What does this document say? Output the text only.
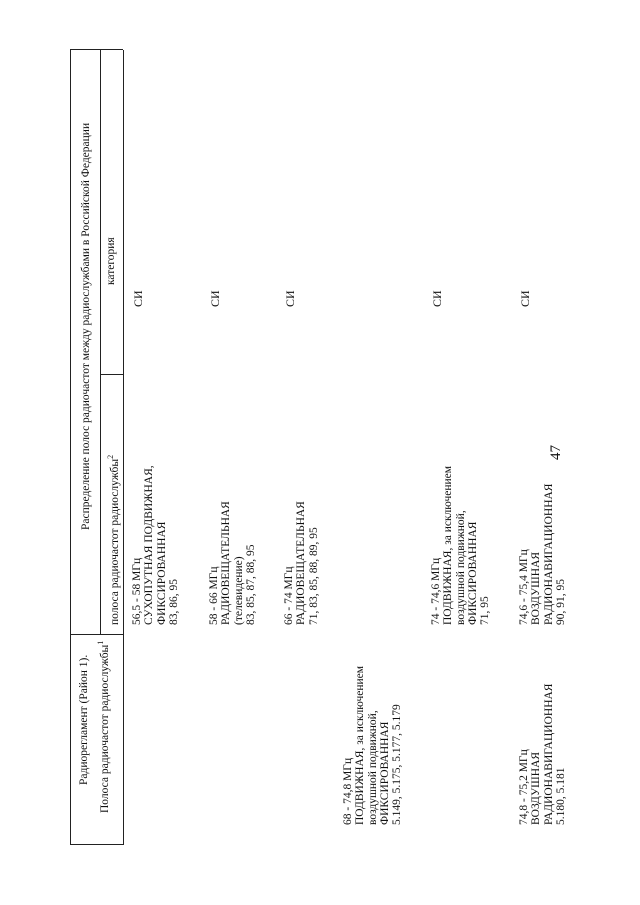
47
Радиорегламент (Район 1). Полоса радиочастот радиослужбы$^1$
Распределение полос радиочастот между радиослужбами в Российской Федерации
полоса радиочастот радиослужбы$^2$
категория
68 - 74,8 МГц ПОДВИЖНАЯ, за исключением воздушной подвижной, ФИКСИРОВАННАЯ 5.149, 5.175, 5.177, 5.179	74,8 - 75,2 МГц ВОЗДУШНАЯ РАДИОНАВИГАЦИОННАЯ 5.180, 5.181
56,5 - 58 МГц СУХОПУТНАЯ ПОДВИЖНАЯ, ФИКСИРОВАННАЯ 83, 86, 95
СИ
58 - 66 МГц РАДИОВЕЩАТЕЛЬНАЯ (телевидение) 83, 85, 87, 88, 95
СИ
66 - 74 МГц РАДИОВЕЩАТЕЛЬНАЯ 71, 83, 85, 88, 89, 95
СИ
74 - 74,6 МГц ПОДВИЖНАЯ, за исключением воздушной подвижной, ФИКСИРОВАННАЯ 71, 95
СИ
74,6 - 75,4 МГц ВОЗДУШНАЯ РАДИОНАВИГАЦИОННАЯ 90, 91, 95
СИ
